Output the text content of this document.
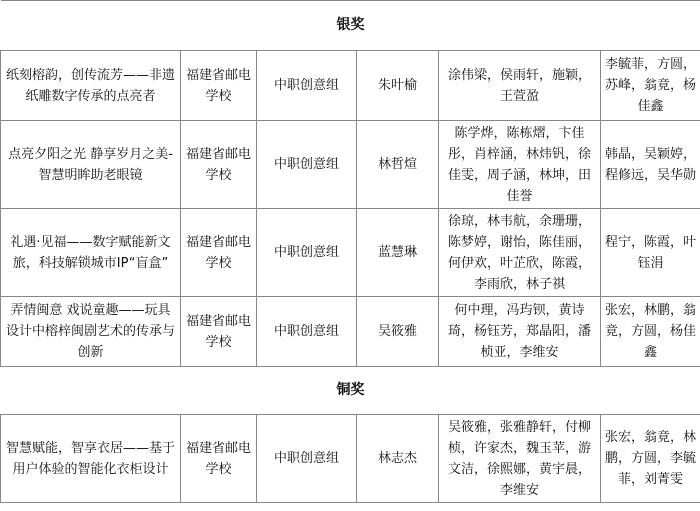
银奖					
纸刻榕韵，创传流芳——非遗纸雕数字传承的点亮者	福建省邮电学校	中职创意组	朱叶榆	涂伟梁，侯雨轩，施颖，王萱盈	李毓菲，方圆，苏峰，翁竟，杨佳鑫
点亮夕阳之光 静享岁月之美-智慧明眸助老眼镜	福建省邮电学校	中职创意组	林哲煊	陈学烨，陈栋熠，卞佳彤，肖梓涵，林炜钒，徐佳雯，周子涵，林坤，田佳誉	韩晶，吴颖婷，程修远，吴华勋
礼遇·见福——数字赋能新文旅，科技解锁城市IP“盲盒”	福建省邮电学校	中职创意组	蓝慧琳	徐琼，林韦航，余珊珊，陈梦婷，谢怡，陈佳丽，何伊欢，叶芷欣，陈霞，李雨欣，林子祺	程宁，陈霞，叶钰涓
弄情闽意 戏说童趣——玩具设计中榕梓闽剧艺术的传承与创新	福建省邮电学校	中职创意组	吴筱雅	何中理，冯玙钡，黄诗琦，杨钰芳，郑晶阳，潘桢亚，李维安	张宏，林鹏，翁竟，方圆，杨佳鑫
铜奖					
智慧赋能，智享衣居——基于用户体验的智能化衣柜设计	福建省邮电学校	中职创意组	林志杰	吴筱雅，张雅静轩，付柳桢，许家杰，魏玉苹，游文洁，徐熙娜，黄宇晨，李维安	张宏，翁竟，林鹏，方圆，李毓菲，刘菁雯
